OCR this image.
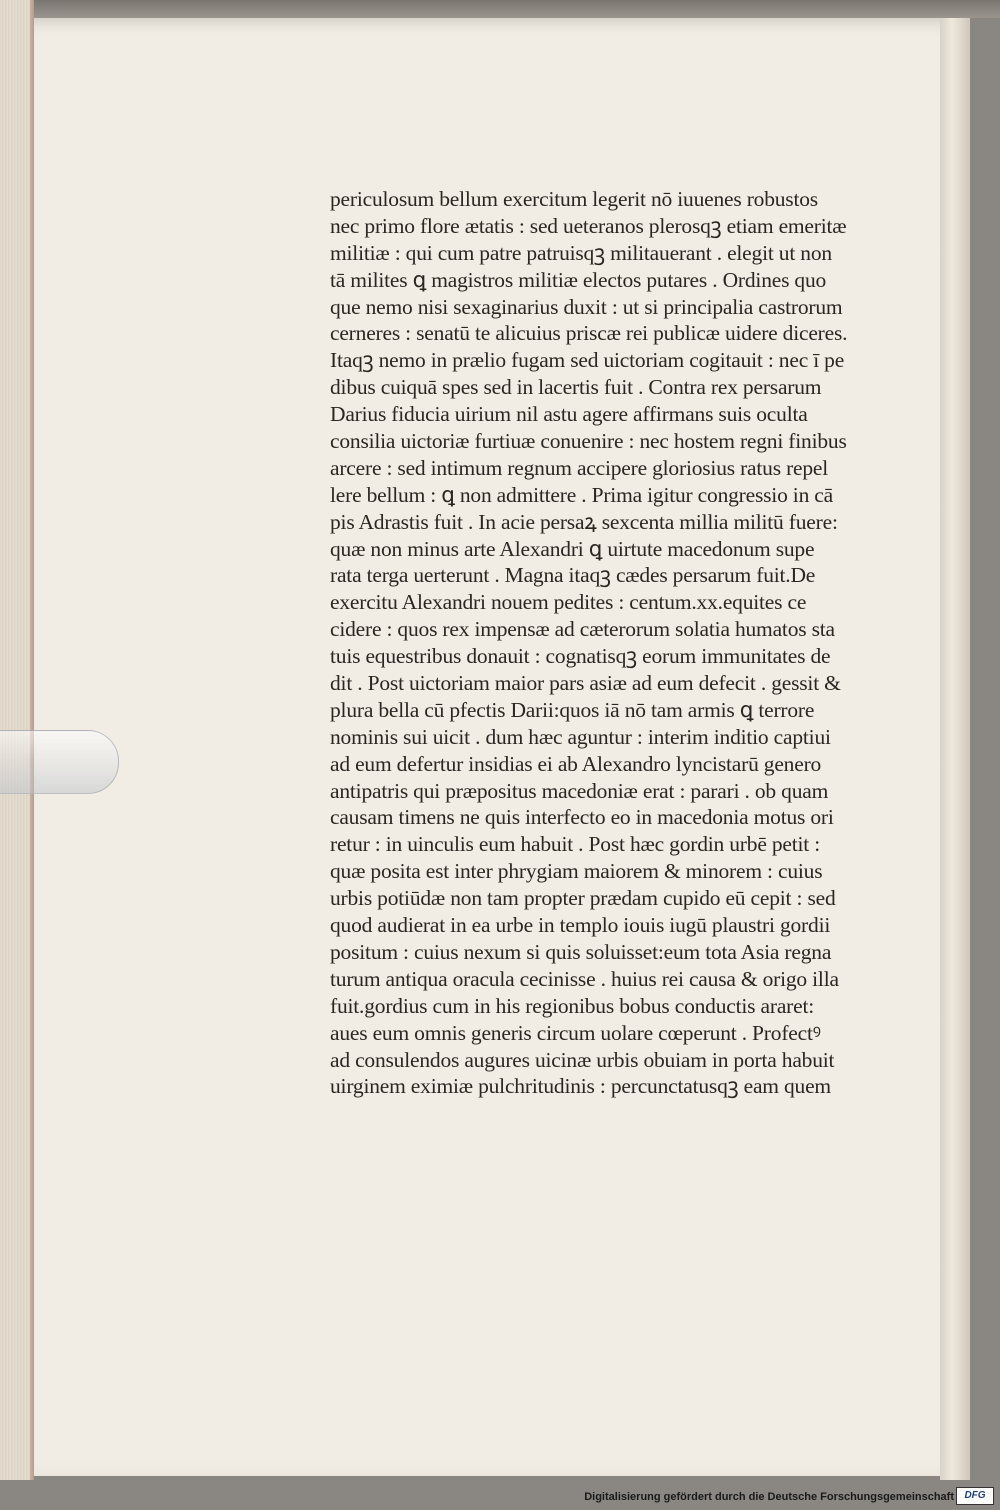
periculosum bellum exercitum legerit nō iuuenes robustos
nec primo flore ætatis : sed ueteranos plerosqꝫ etiam emeritæ
militiæ : qui cum patre patruisqꝫ militauerant . elegit ut non
tā milites ꝗ magistros militiæ electos putares . Ordines quo
que nemo nisi sexaginarius duxit : ut si principalia castrorum
cerneres : senatū te alicuius priscæ rei publicæ uidere diceres.
Itaqꝫ nemo in prælio fugam sed uictoriam cogitauit : nec ī pe
dibus cuiquā spes sed in lacertis fuit . Contra rex persarum
Darius fiducia uirium nil astu agere affirmans suis oculta
consilia uictoriæ furtiuæ conuenire : nec hostem regni finibus
arcere : sed intimum regnum accipere gloriosius ratus repel
lere bellum : ꝗ non admittere . Prima igitur congressio in cā
pis Adrastis fuit . In acie persaꝝ sexcenta millia militū fuere:
quæ non minus arte Alexandri ꝗ uirtute macedonum supe
rata terga uerterunt . Magna itaqꝫ cædes persarum fuit.De
exercitu Alexandri nouem pedites : centum.xx.equites ce
cidere : quos rex impensæ ad cæterorum solatia humatos sta
tuis equestribus donauit : cognatisqꝫ eorum immunitates de
dit . Post uictoriam maior pars asiæ ad eum defecit . gessit &
plura bella cū pfectis Darii:quos iā nō tam armis ꝗ terrore
nominis sui uicit . dum hæc aguntur : interim inditio captiui
ad eum defertur insidias ei ab Alexandro lyncistarū genero
antipatris qui præpositus macedoniæ erat : parari . ob quam
causam timens ne quis interfecto eo in macedonia motus ori
retur : in uinculis eum habuit . Post hæc gordin urbē petit :
quæ posita est inter phrygiam maiorem & minorem : cuius
urbis potiūdæ non tam propter prædam cupido eū cepit : sed
quod audierat in ea urbe in templo iouis iugū plaustri gordii
positum : cuius nexum si quis soluisset:eum tota Asia regna
turum antiqua oracula cecinisse . huius rei causa & origo illa
fuit.gordius cum in his regionibus bobus conductis araret:
aues eum omnis generis circum uolare cœperunt . Profectꝰ
ad consulendos augures uicinæ urbis obuiam in porta habuit
uirginem eximiæ pulchritudinis : percunctatusqꝫ eam quem
Digitalisierung gefördert durch die Deutsche Forschungsgemeinschaft	DFG
